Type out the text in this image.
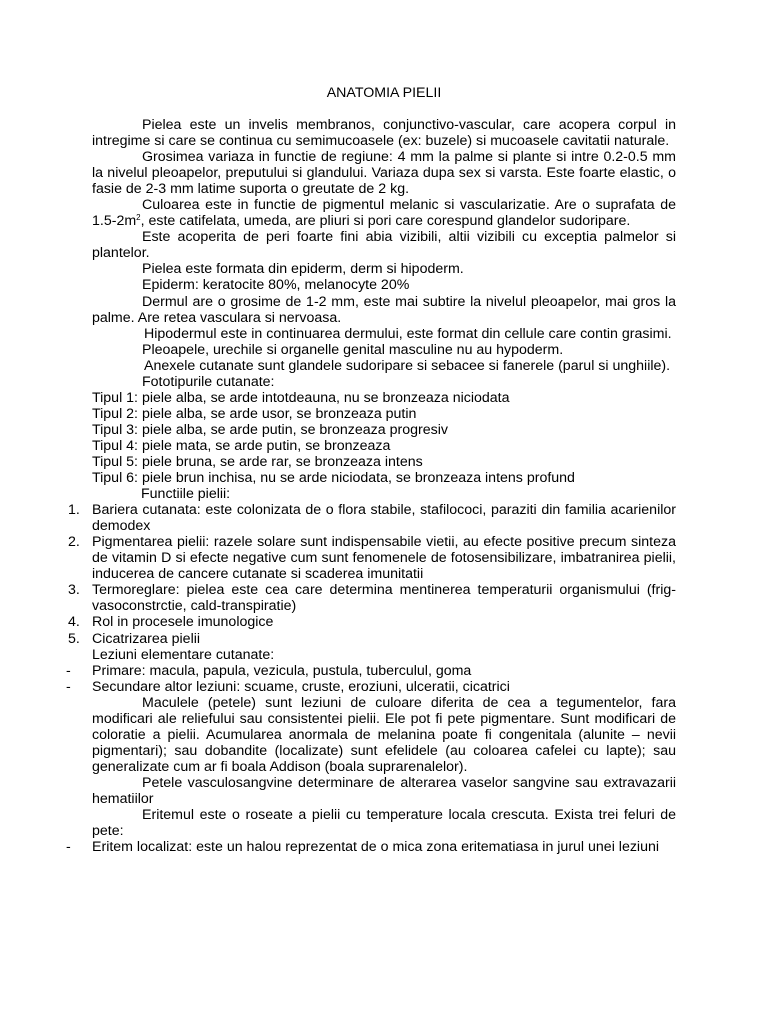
ANATOMIA PIELII

Pielea este un invelis membranos, conjunctivo-vascular, care acopera corpul in intregime si care se continua cu semimucoasele (ex: buzele) si mucoasele cavitatii naturale.

Grosimea variaza in functie de regiune: 4 mm la palme si plante si intre 0.2-0.5 mm la nivelul pleoapelor, preputului si glandului. Variaza dupa sex si varsta. Este foarte elastic, o fasie de 2-3 mm latime suporta o greutate de 2 kg.

Culoarea este in functie de pigmentul melanic si vascularizatie. Are o suprafata de $1.5-2m^2$, este catifelata, umeda, are pliuri si pori care corespund glandelor sudoripare.

Este acoperita de peri foarte fini abia vizibili, altii vizibili cu exceptia palmelor si plantelor.

Pielea este formata din epiderm, derm si hipoderm.

Epiderm: keratocite 80%, melanocyte 20%

Dermul are o grosime de 1-2 mm, este mai subtire la nivelul pleoapelor, mai gros la palme. Are retea vasculara si nervoasa.

Hipodermul este in continuarea dermului, este format din cellule care contin grasimi.

Pleoapele, urechile si organelle genital masculine nu au hypoderm.

Anexele cutanate sunt glandele sudoripare si sebacee si fanerele (parul si unghiile).

Fototipurile cutanate:

Tipul 1: piele alba, se arde intotdeauna, nu se bronzeaza niciodata

Tipul 2: piele alba, se arde usor, se bronzeaza putin

Tipul 3: piele alba, se arde putin, se bronzeaza progresiv

Tipul 4: piele mata, se arde putin, se bronzeaza

Tipul 5: piele bruna, se arde rar, se bronzeaza intens

Tipul 6: piele brun inchisa, nu se arde niciodata, se bronzeaza intens profund

Functiile pielii:

1. Bariera cutanata: este colonizata de o flora stabile, stafilococi, paraziti din familia acarienilor demodex
2. Pigmentarea pielii: razele solare sunt indispensabile vietii, au efecte positive precum sinteza de vitamin D si efecte negative cum sunt fenomenele de fotosensibilizare, imbatranirea pielii, inducerea de cancere cutanate si scaderea imunitatii
3. Termoreglare: pielea este cea care determina mentinerea temperaturii organismului (frig-vasoconstrctie, cald-transpiratie)
4. Rol in procesele imunologice
5. Cicatrizarea pielii

Leziuni elementare cutanate:

- Primare: macula, papula, vezicula, pustula, tuberculul, goma
- Secundare altor leziuni: scuame, cruste, eroziuni, ulceratii, cicatrici

Maculele (petele) sunt leziuni de culoare diferita de cea a tegumentelor, fara modificari ale reliefului sau consistentei pielii. Ele pot fi pete pigmentare. Sunt modificari de coloratie a pielii. Acumularea anormala de melanina poate fi congenitala (alunite – nevii pigmentari); sau dobandite (localizate) sunt efelidele (au coloarea cafelei cu lapte); sau generalizate cum ar fi boala Addison (boala suprarenalelor).

Petele vasculosangvine determinare de alterarea vaselor sangvine sau extravazarii hematiilor

Eritemul este o roseate a pielii cu temperature locala crescuta. Exista trei feluri de pete:

- Eritem localizat: este un halou reprezentat de o mica zona eritematiasa in jurul unei leziuni
